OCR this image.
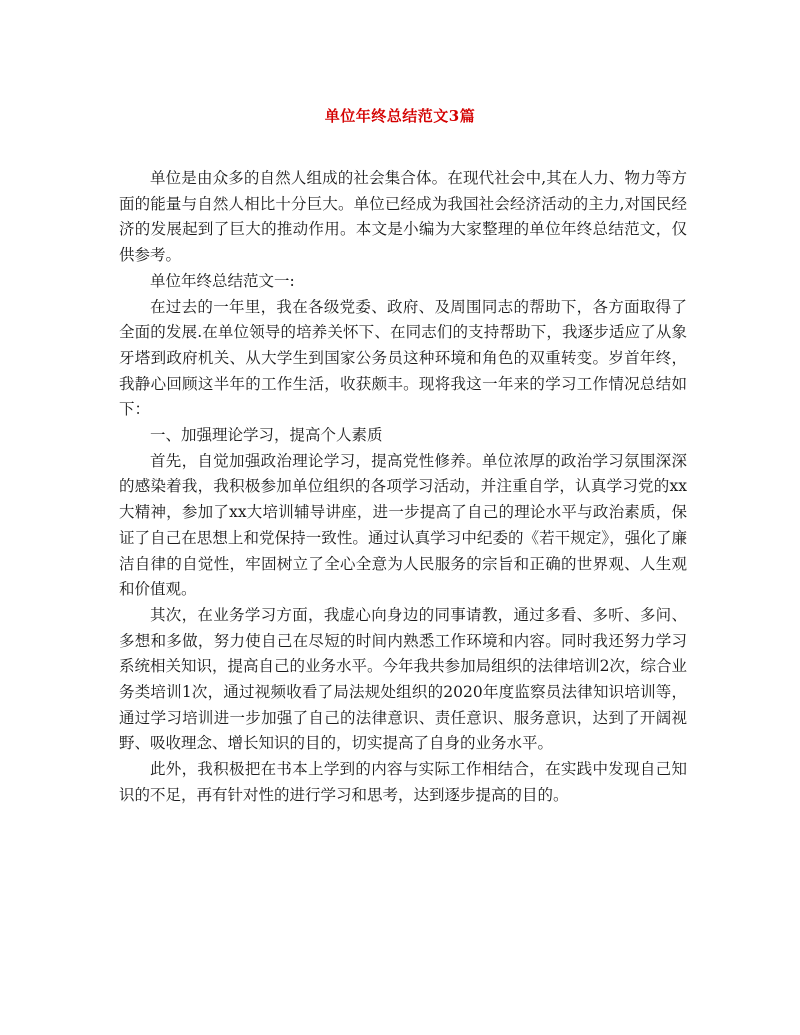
单位年终总结范文3篇

单位是由众多的自然人组成的社会集合体。在现代社会中,其在人力、物力等方面的能量与自然人相比十分巨大。单位已经成为我国社会经济活动的主力,对国民经济的发展起到了巨大的推动作用。本文是小编为大家整理的单位年终总结范文，仅供参考。

单位年终总结范文一:

在过去的一年里，我在各级党委、政府、及周围同志的帮助下，各方面取得了全面的发展.在单位领导的培养关怀下、在同志们的支持帮助下，我逐步适应了从象牙塔到政府机关、从大学生到国家公务员这种环境和角色的双重转变。岁首年终，我静心回顾这半年的工作生活，收获颇丰。现将我这一年来的学习工作情况总结如下：

一、加强理论学习，提高个人素质

首先，自觉加强政治理论学习，提高党性修养。单位浓厚的政治学习氛围深深的感染着我，我积极参加单位组织的各项学习活动，并注重自学，认真学习党的xx大精神，参加了xx大培训辅导讲座，进一步提高了自己的理论水平与政治素质，保证了自己在思想上和党保持一致性。通过认真学习中纪委的《若干规定》，强化了廉洁自律的自觉性，牢固树立了全心全意为人民服务的宗旨和正确的世界观、人生观和价值观。

其次，在业务学习方面，我虚心向身边的同事请教，通过多看、多听、多问、多想和多做，努力使自己在尽短的时间内熟悉工作环境和内容。同时我还努力学习系统相关知识，提高自己的业务水平。今年我共参加局组织的法律培训2次，综合业务类培训1次，通过视频收看了局法规处组织的2020年度监察员法律知识培训等，通过学习培训进一步加强了自己的法律意识、责任意识、服务意识，达到了开阔视野、吸收理念、增长知识的目的，切实提高了自身的业务水平。

此外，我积极把在书本上学到的内容与实际工作相结合，在实践中发现自己知识的不足，再有针对性的进行学习和思考，达到逐步提高的目的。
